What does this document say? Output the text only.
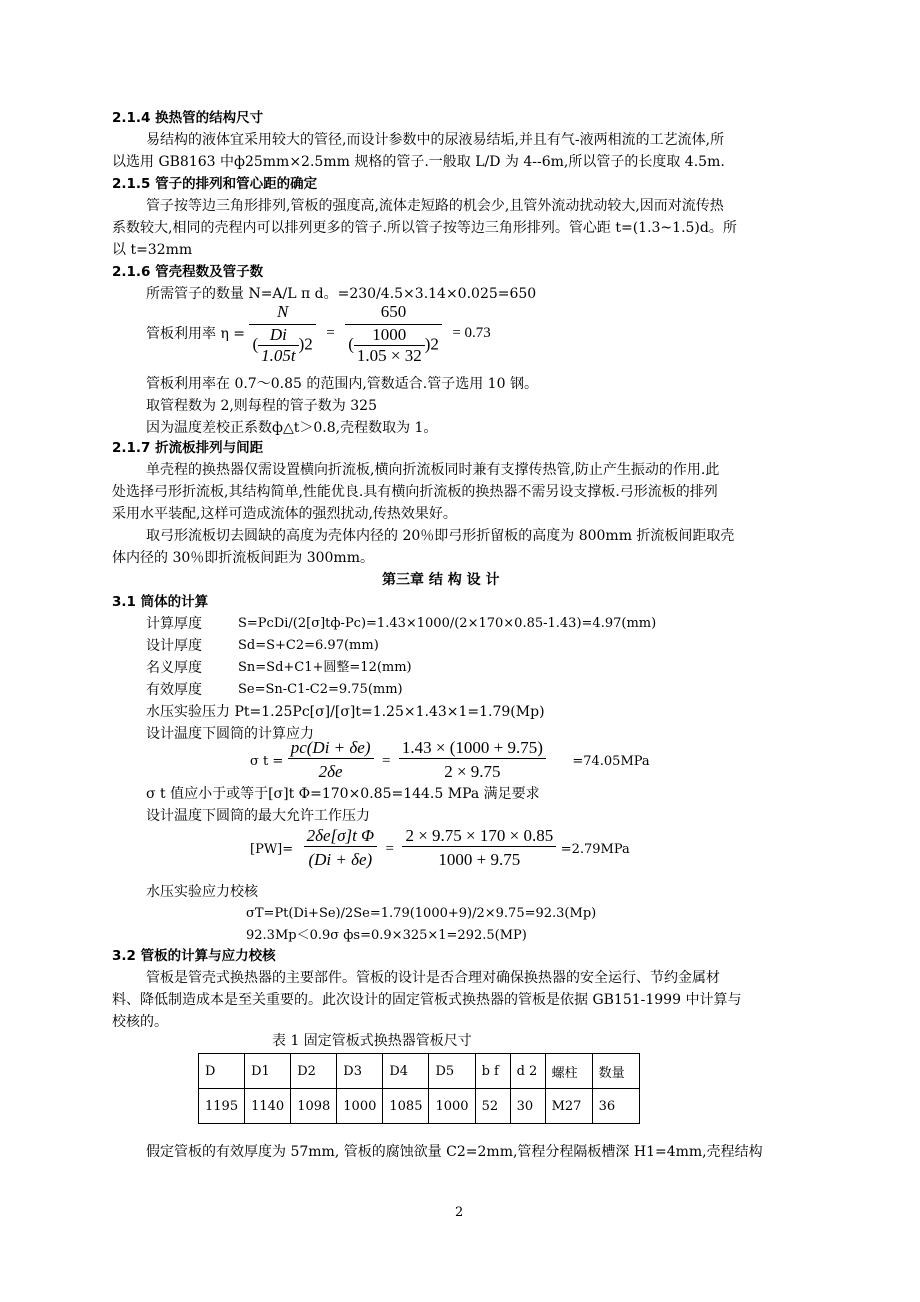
2.1.4 换热管的结构尺寸
易结构的液体宜采用较大的管径,而设计参数中的尿液易结垢,并且有气-液两相流的工艺流体,所
以选用 GB8163 中ф25mm×2.5mm 规格的管子.一般取 L/D 为 4--6m,所以管子的长度取 4.5m.
2.1.5 管子的排列和管心距的确定
管子按等边三角形排列,管板的强度高,流体走短路的机会少,且管外流动扰动较大,因而对流传热
系数较大,相同的壳程内可以排列更多的管子.所以管子按等边三角形排列。管心距 t=(1.3~1.5)d。所
以 t=32mm
2.1.6 管壳程数及管子数
所需管子的数量 N=A/L π d。=230/4.5×3.14×0.025=650
管板利用率 $\eta = \frac{N}{( \frac{Di}{1.05t} )2} = \frac{650}{( \frac{1000}{1.05 \times 32} )2} = 0.73$
管板利用率在 0.7～0.85 的范围内,管数适合.管子选用 10 钢。
取管程数为 2,则每程的管子数为 325
因为温度差校正系数ф△t＞0.8,壳程数取为 1。
2.1.7 折流板排列与间距
单壳程的换热器仅需设置横向折流板,横向折流板同时兼有支撑传热管,防止产生振动的作用.此
处选择弓形折流板,其结构简单,性能优良.具有横向折流板的换热器不需另设支撑板.弓形流板的排列
采用水平装配,这样可造成流体的强烈扰动,传热效果好。
取弓形流板切去圆缺的高度为壳体内径的 20％即弓形折留板的高度为 800mm 折流板间距取壳
体内径的 30％即折流板间距为 300mm。
第三章 结 构 设 计
3.1 筒体的计算
计算厚度	S=PcDi/(2[σ]tф-Pc)=1.43×1000/(2×170×0.85-1.43)=4.97(mm)
设计厚度	Sd=S+C2=6.97(mm)
名义厚度	Sn=Sd+C1+圆整=12(mm)
有效厚度	Se=Sn-C1-C2=9.75(mm)
水压实验压力 Pt=1.25Pc[σ]/[σ]t=1.25×1.43×1=1.79(Mp)
设计温度下圆筒的计算应力
σ $t = \frac{pc(Di + \delta e)}{2\delta e} = \frac{1.43 \times (1000 + 9.75)}{2 \times 9.75} =74.05MPa$
σ t 值应小于或等于[σ]t Φ=170×0.85=144.5 MPa 满足要求
设计温度下圆筒的最大允许工作压力
$[PW]= \frac{\text{2δe[σ]t Φ}}{(Di + \delta e)} = \frac{2 \times 9.75 \times 170 \times 0.85}{1000 + 9.75} =2.79MPa$
水压实验应力校核
σT=Pt(Di+Se)/2Se=1.79(1000+9)/2×9.75=92.3(Mp)
92.3Mp＜0.9σ фs=0.9×325×1=292.5(MP)
3.2 管板的计算与应力校核
管板是管壳式换热器的主要部件。管板的设计是否合理对确保换热器的安全运行、节约金属材
料、降低制造成本是至关重要的。此次设计的固定管板式换热器的管板是依据 GB151-1999 中计算与
校核的。
表 1 固定管板式换热器管板尺寸
D	D1	D2	D3	D4	D5	b f	d 2	螺柱	数量
1195	1140	1098	1000	1085	1000	52	30	M27	36
假定管板的有效厚度为 57mm, 管板的腐蚀欲量 C2=2mm,管程分程隔板槽深 H1=4mm,壳程结构
2
